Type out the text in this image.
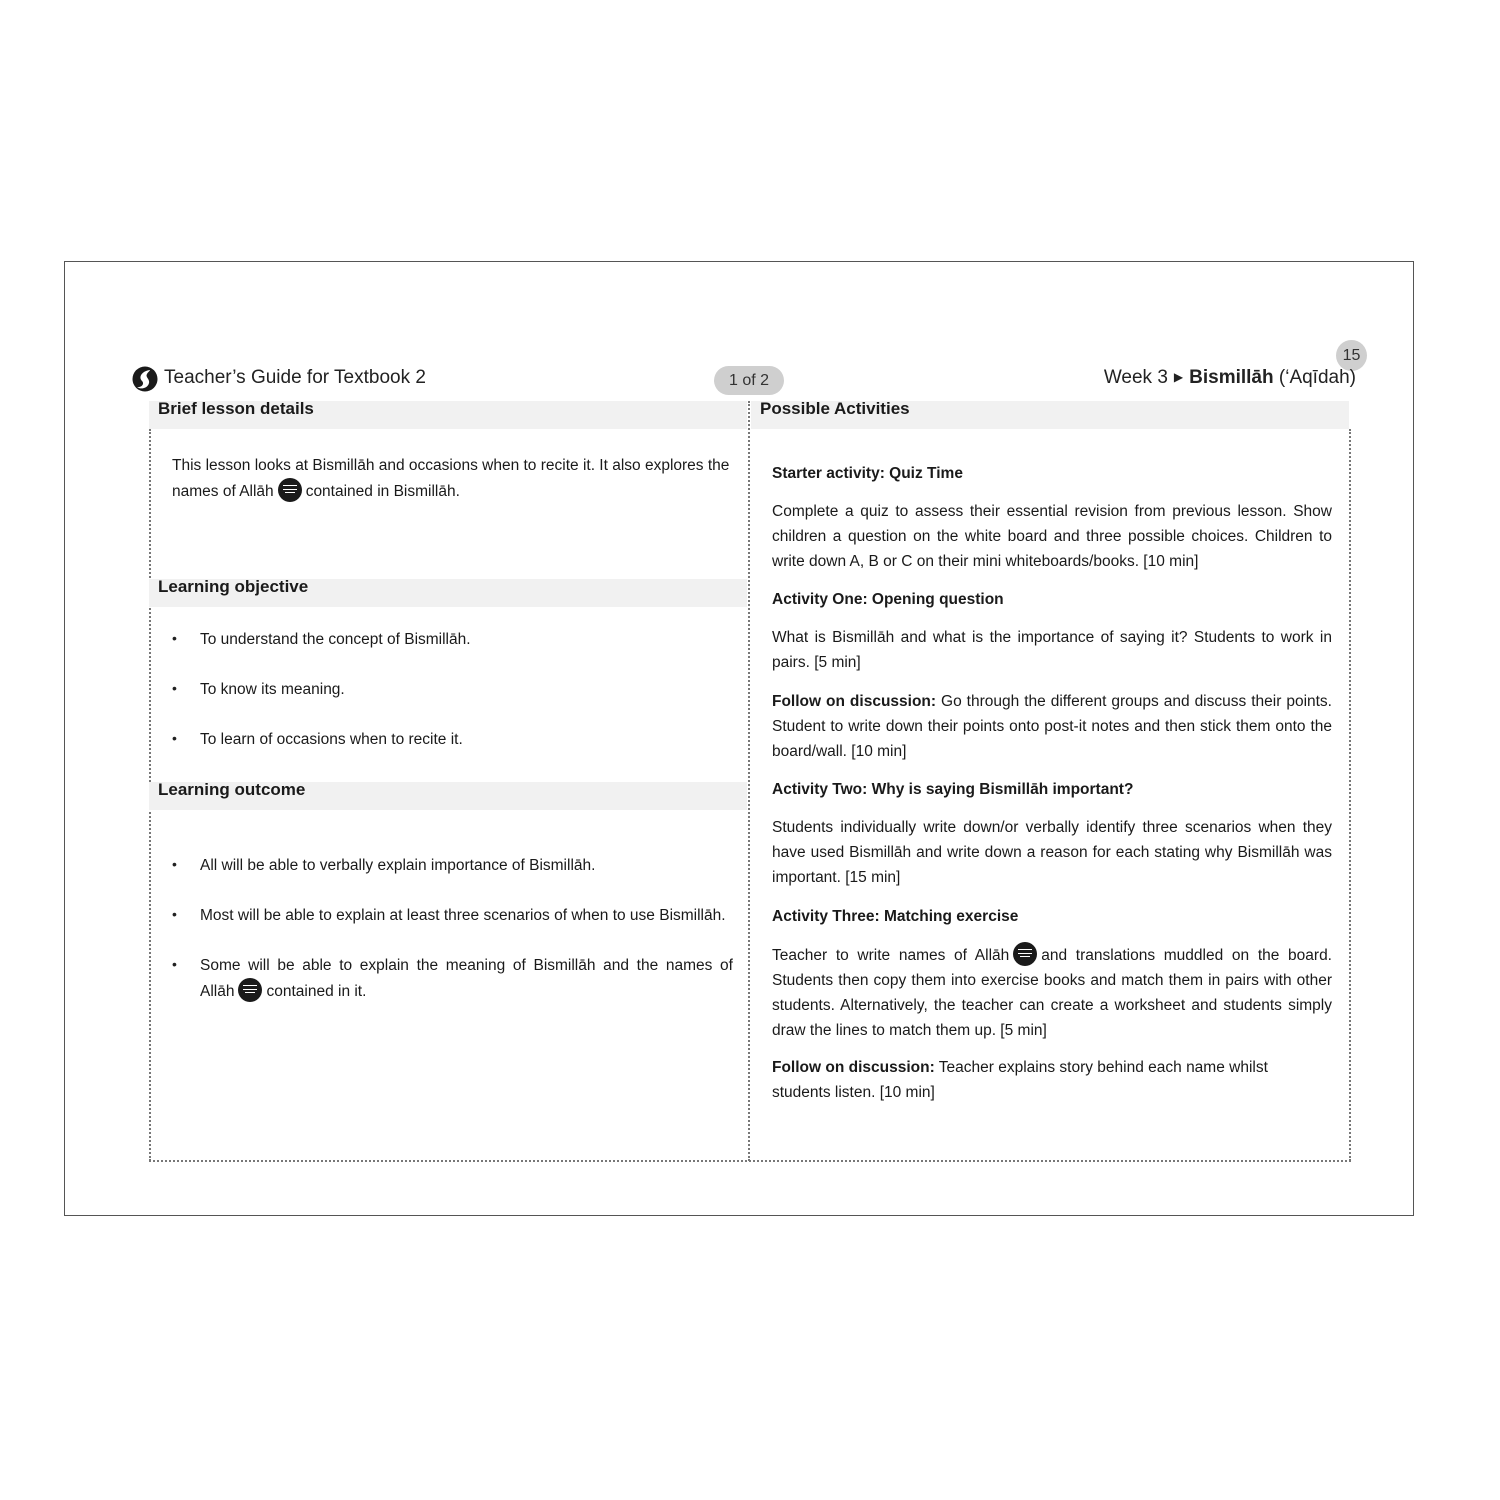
Teacher’s Guide for Textbook 2	1 of 2
15
Week 3 ▶ Bismillāh (‘Aqīdah)
Brief lesson details
This lesson looks at Bismillāh and occasions when to recite it. It also explores the
names of Allāh contained in Bismillāh.
Learning objective
• To understand the concept of Bismillāh.
• To know its meaning.
• To learn of occasions when to recite it.
Learning outcome
• All will be able to verbally explain importance of Bismillāh.
• Most will be able to explain at least three scenarios of when to use Bismillāh.
• Some will be able to explain the meaning of Bismillāh and the names of
Allāh contained in it.
Possible Activities
Starter activity: Quiz Time
Complete a quiz to assess their essential revision from previous lesson. Show children a question on the white board and three possible choices. Children to write down A, B or C on their mini whiteboards/books. [10 min]
Activity One: Opening question
What is Bismillāh and what is the importance of saying it? Students to work in pairs. [5 min]
Follow on discussion: Go through the different groups and discuss their points. Student to write down their points onto post-it notes and then stick them onto the board/wall. [10 min]
Activity Two: Why is saying Bismillāh important?
Students individually write down/or verbally identify three scenarios when they have used Bismillāh and write down a reason for each stating why Bismillāh was important. [15 min]
Activity Three: Matching exercise
Teacher to write names of Allāh and translations muddled on the board. Students then copy them into exercise books and match them in pairs with other students. Alternatively, the teacher can create a worksheet and students simply draw the lines to match them up. [5 min]
Follow on discussion: Teacher explains story behind each name whilst students listen. [10 min]
